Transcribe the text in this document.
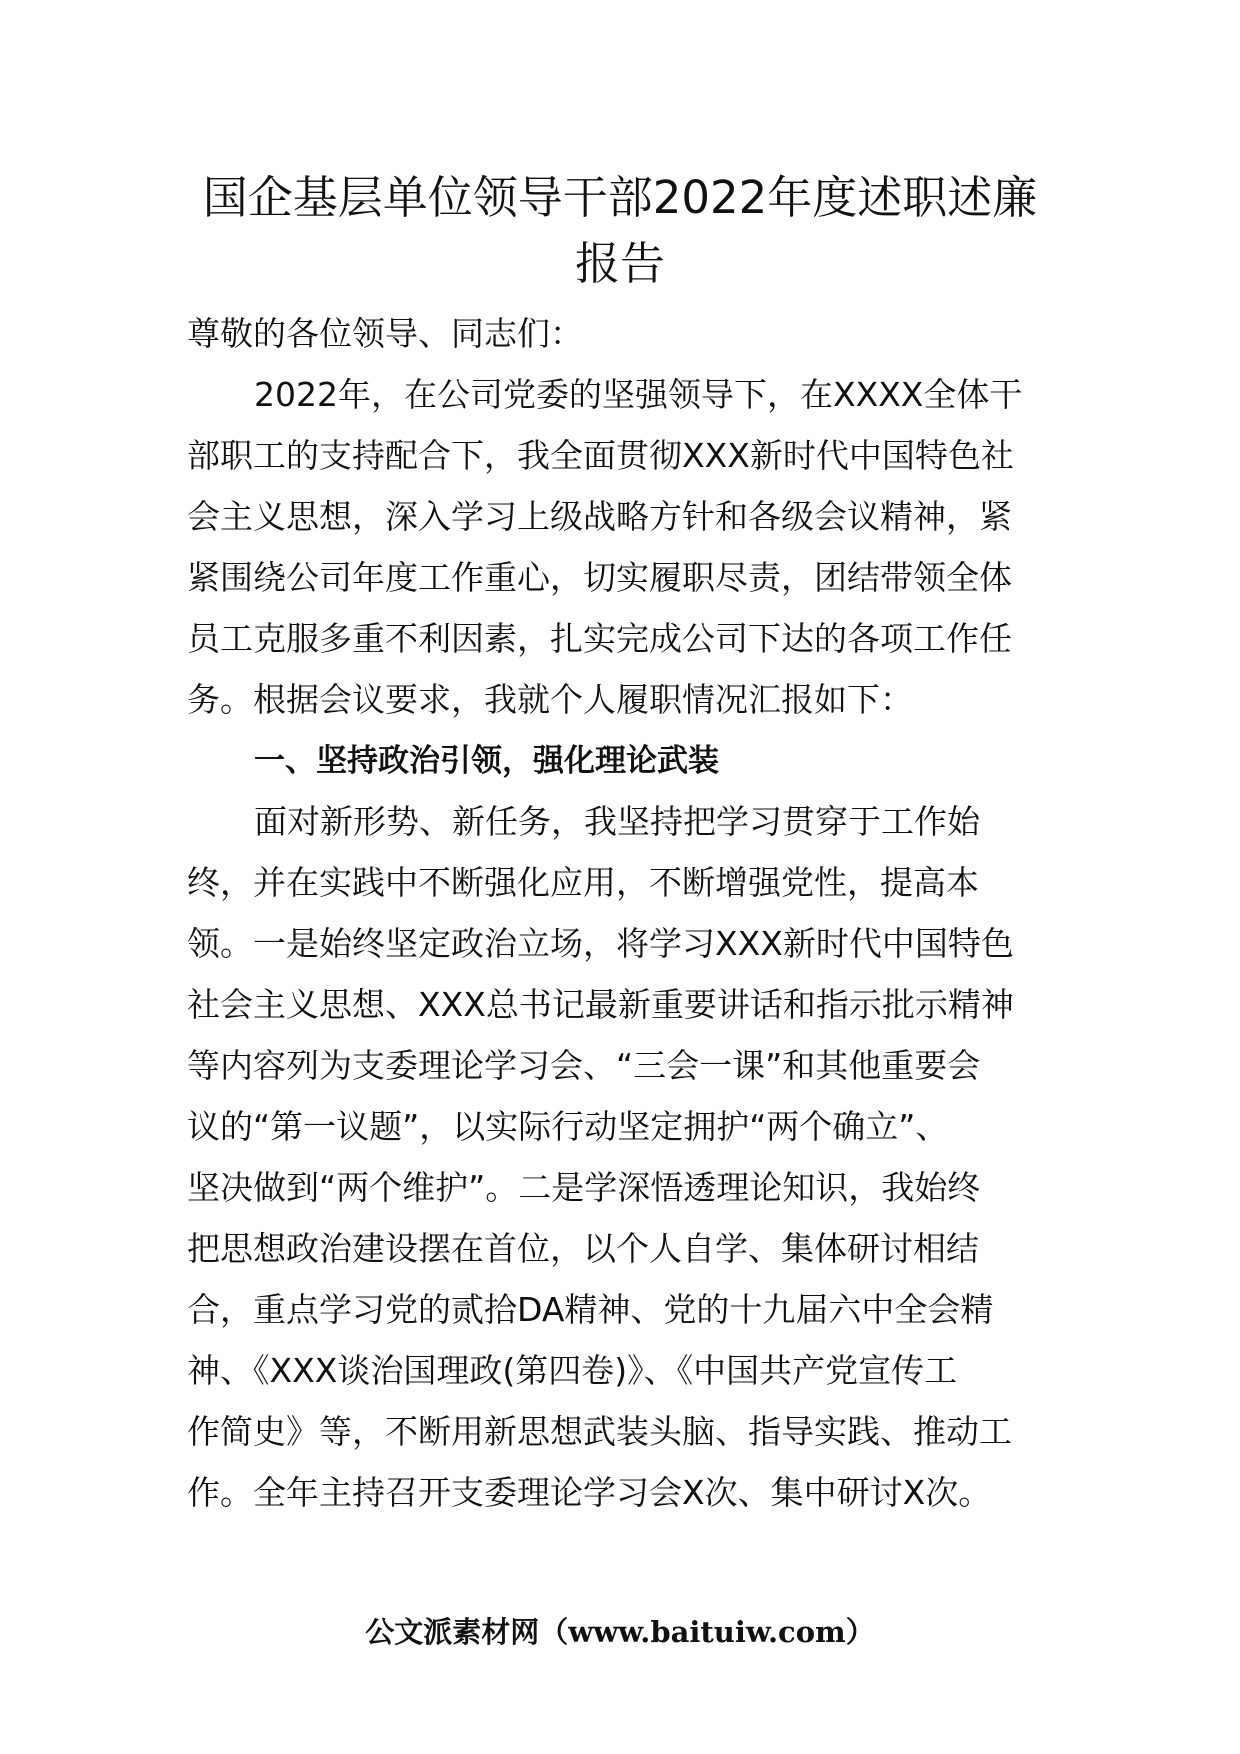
国企基层单位领导干部2022年度述职述廉
报告
尊敬的各位领导、同志们：
2022年，在公司党委的坚强领导下，在XXXX全体干
部职工的支持配合下，我全面贯彻XXX新时代中国特色社
会主义思想，深入学习上级战略方针和各级会议精神，紧
紧围绕公司年度工作重心，切实履职尽责，团结带领全体
员工克服多重不利因素，扎实完成公司下达的各项工作任
务。根据会议要求，我就个人履职情况汇报如下：
一、坚持政治引领，强化理论武装
面对新形势、新任务，我坚持把学习贯穿于工作始
终，并在实践中不断强化应用，不断增强党性，提高本
领。一是始终坚定政治立场，将学习XXX新时代中国特色
社会主义思想、XXX总书记最新重要讲话和指示批示精神
等内容列为支委理论学习会、“三会一课”和其他重要会
议的“第一议题”，以实际行动坚定拥护“两个确立”、
坚决做到“两个维护”。二是学深悟透理论知识，我始终
把思想政治建设摆在首位，以个人自学、集体研讨相结
合，重点学习党的贰拾DA精神、党的十九届六中全会精
神、《XXX谈治国理政(第四卷)》、《中国共产党宣传工
作简史》等，不断用新思想武装头脑、指导实践、推动工
作。全年主持召开支委理论学习会X次、集中研讨X次。
公文派素材网（www.baituiw.com）
